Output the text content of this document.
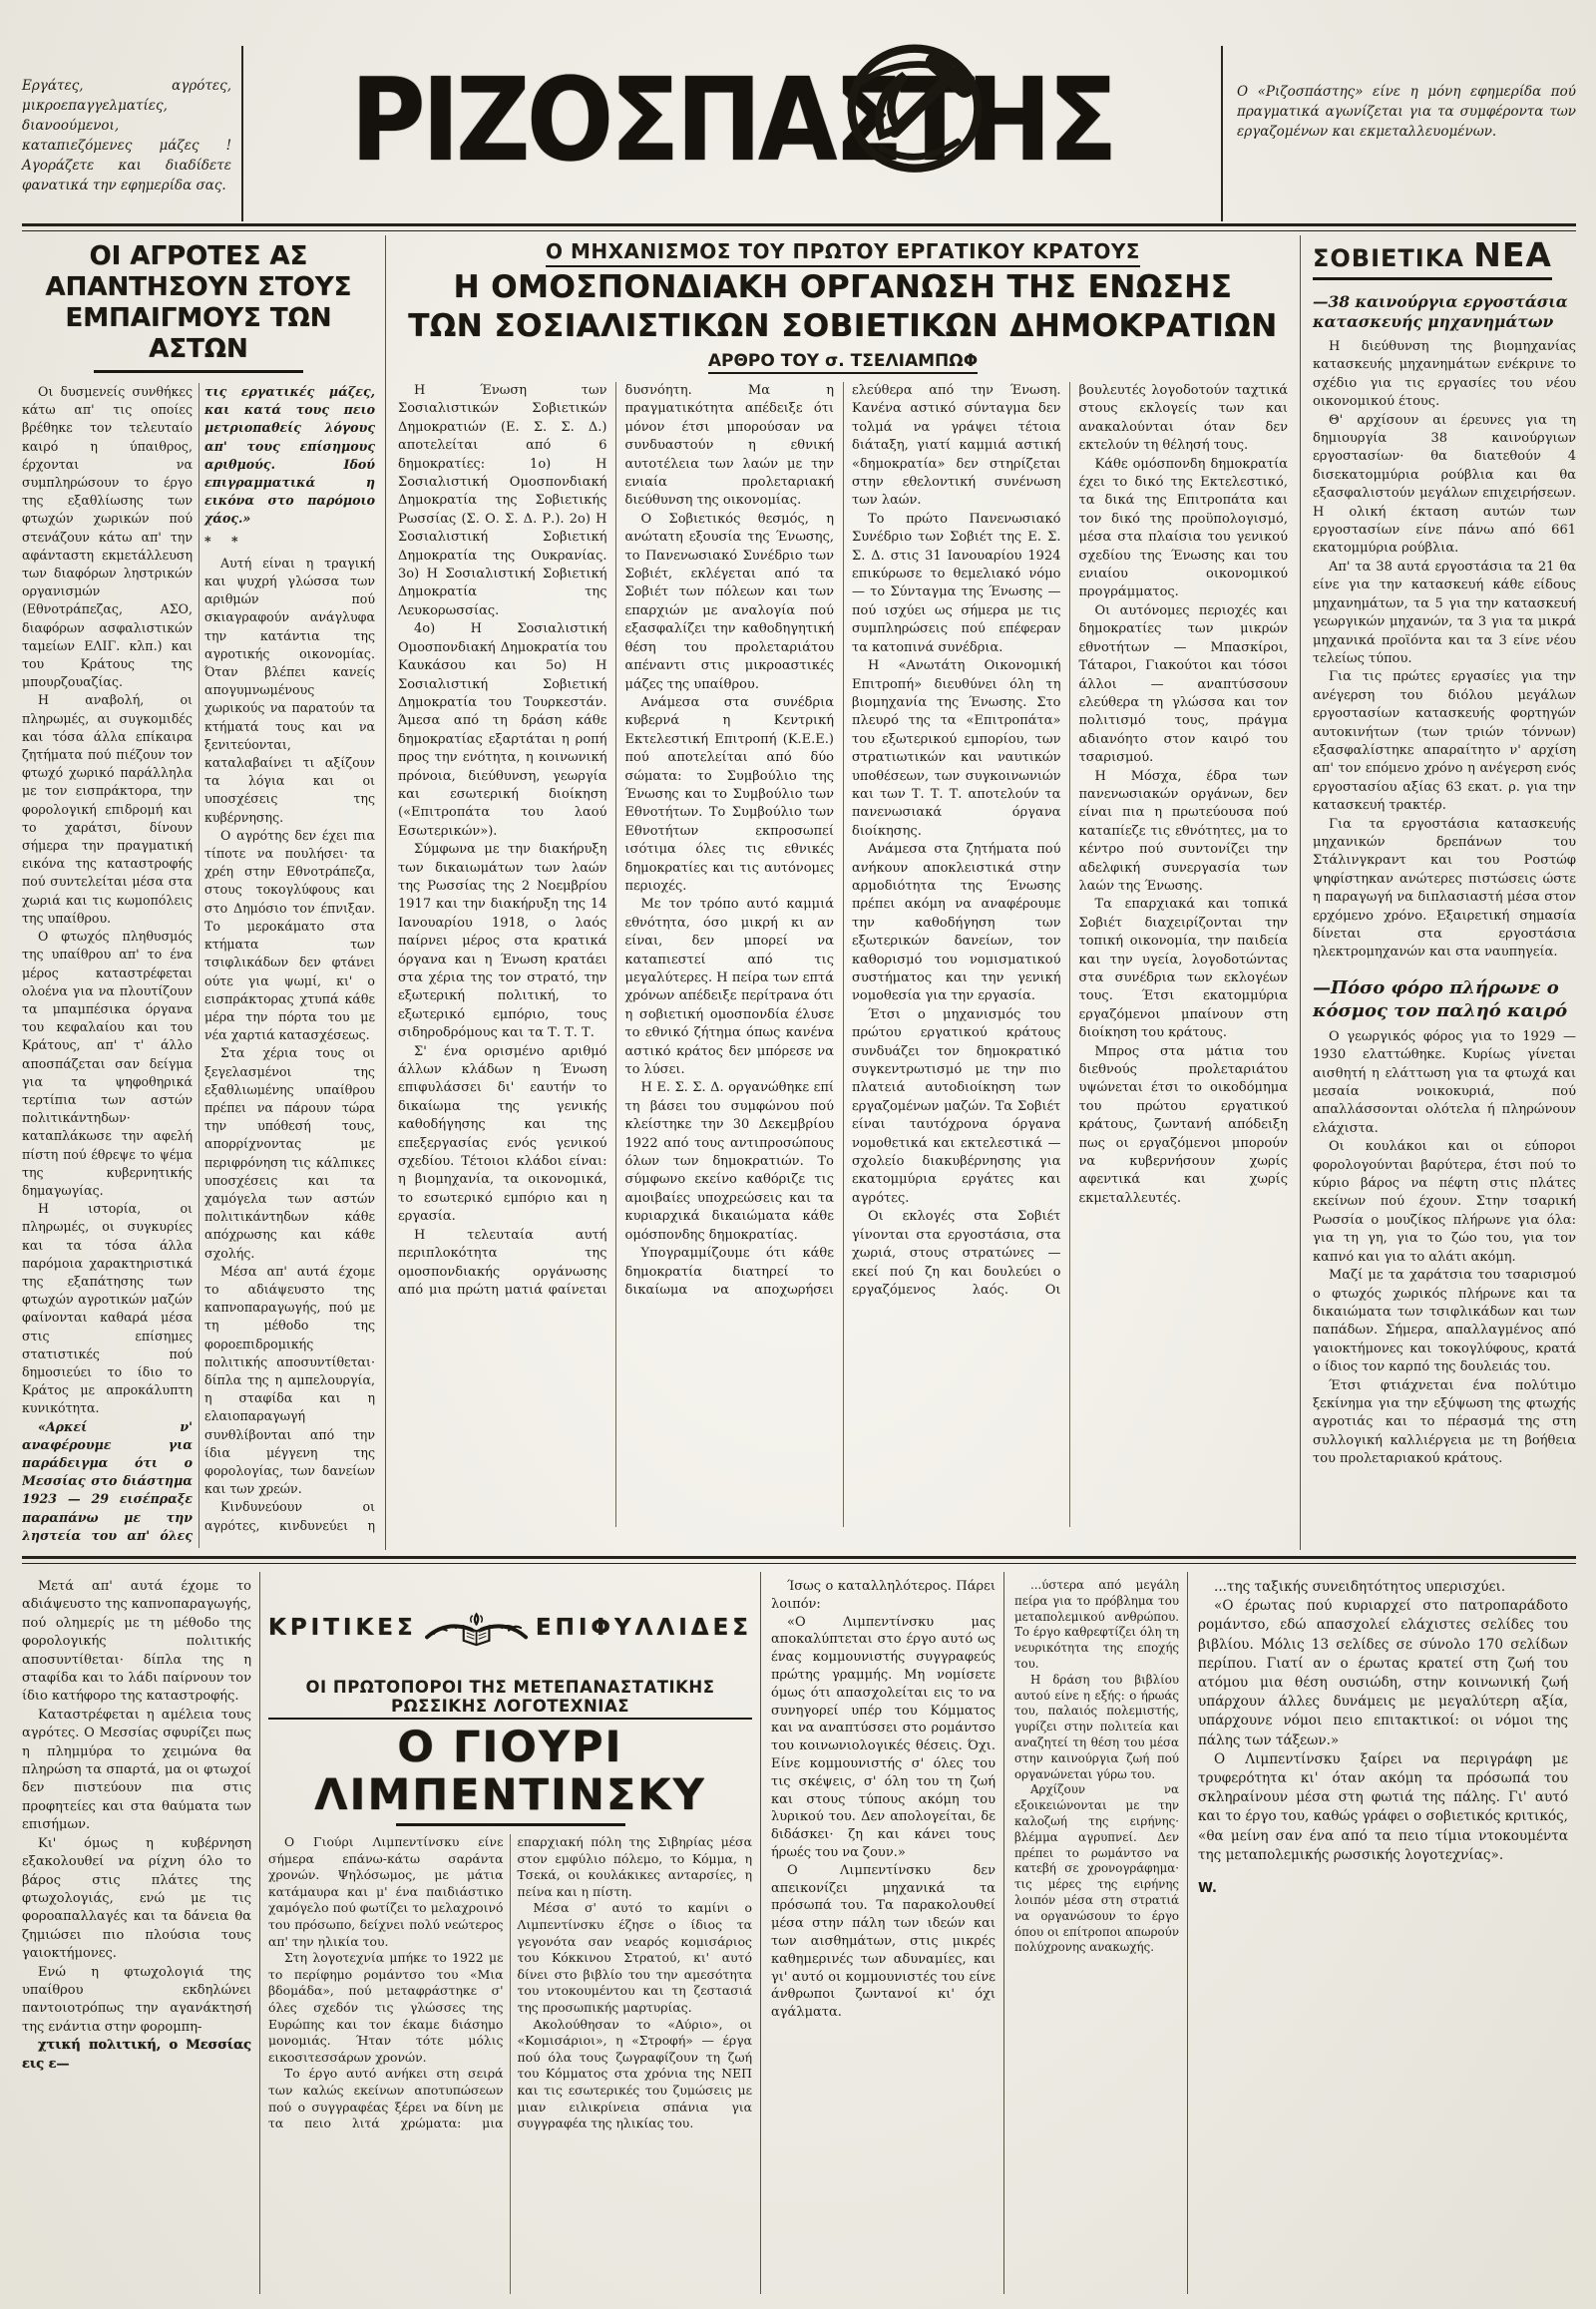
Εργάτες, αγρότες, μικροεπαγγελματίες, διανοούμενοι, καταπιεζόμενες μάζες ! Αγοράζετε και διαδίδετε φανατικά την εφημερίδα σας.	ΡΙΖΟΣΠΑΣΤΗΣ	Ο «Ριζοσπάστης» είνε η μόνη εφημερίδα πού πραγματικά αγωνίζεται για τα συμφέροντα των εργαζομένων και εκμεταλλευομένων.
ΟΙ ΑΓΡΟΤΕΣ ΑΣ ΑΠΑΝΤΗΣΟΥΝ ΣΤΟΥΣ ΕΜΠΑΙΓΜΟΥΣ ΤΩΝ ΑΣΤΩΝ

Οι δυσμενείς συνθήκες κάτω απ' τις οποίες βρέθηκε τον τελευταίο καιρό η ύπαιθρος, έρχονται να συμπληρώσουν το έργο της εξαθλίωσης των φτωχών χωρικών πού στενάζουν κάτω απ' την αφάνταστη εκμετάλλευση των διαφόρων ληστρικών οργανισμών (Εθνοτράπεζας, ΑΣΟ, διαφόρων ασφαλιστικών ταμείων ΕΛΙΓ. κλπ.) και του Κράτους της μπουρζουαζίας.

Η αναβολή, οι πληρωμές, αι συγκομιδές και τόσα άλλα επίκαιρα ζητήματα πού πιέζουν τον φτωχό χωρικό παράλληλα με τον εισπράκτορα, την φορολογική επιδρομή και το χαράτσι, δίνουν σήμερα την πραγματική εικόνα της καταστροφής πού συντελείται μέσα στα χωριά και τις κωμοπόλεις της υπαίθρου.

Ο φτωχός πληθυσμός της υπαίθρου απ' το ένα μέρος καταστρέφεται ολοένα για να πλουτίζουν τα μπαμπέσικα όργανα του κεφαλαίου και του Κράτους, απ' τ' άλλο αποσπάζεται σαν δείγμα για τα ψηφοθηρικά τερτίπια των αστών πολιτικάντηδων· καταπλάκωσε την αφελή πίστη πού έθρεψε το ψέμα της κυβερνητικής δημαγωγίας.

Η ιστορία, οι πληρωμές, οι συγκυρίες και τα τόσα άλλα παρόμοια χαρακτηριστικά της εξαπάτησης των φτωχών αγροτικών μαζών φαίνονται καθαρά μέσα στις επίσημες στατιστικές πού δημοσιεύει το ίδιο το Κράτος με απροκάλυπτη κυνικότητα.

«Αρκεί ν' αναφέρουμε για παράδειγμα ότι ο Μεσσίας στο διάστημα 1923 — 29 εισέπραξε παραπάνω με την ληστεία του απ' όλες τις εργατικές μάζες, και κατά τους πειο μετριοπαθείς λόγους απ' τους επίσημους αριθμούς. Ιδού επιγραμματικά η εικόνα στο παρόμοιο χάος.»

* *

Αυτή είναι η τραγική και ψυχρή γλώσσα των αριθμών πού σκιαγραφούν ανάγλυφα την κατάντια της αγροτικής οικονομίας. Όταν βλέπει κανείς απογυμνωμένους χωρικούς να παρατούν τα κτήματά τους και να ξενιτεύονται, καταλαβαίνει τι αξίζουν τα λόγια και οι υποσχέσεις της κυβέρνησης.

Ο αγρότης δεν έχει πια τίποτε να πουλήσει· τα χρέη στην Εθνοτράπεζα, στους τοκογλύφους και στο Δημόσιο τον έπνιξαν. Το μεροκάματο στα κτήματα των τσιφλικάδων δεν φτάνει ούτε για ψωμί, κι' ο εισπράκτορας χτυπά κάθε μέρα την πόρτα του με νέα χαρτιά κατασχέσεως.

Στα χέρια τους οι ξεγελασμένοι της εξαθλιωμένης υπαίθρου πρέπει να πάρουν τώρα την υπόθεσή τους, απορρίχνοντας με περιφρόνηση τις κάλπικες υποσχέσεις και τα χαμόγελα των αστών πολιτικάντηδων κάθε απόχρωσης και κάθε σχολής.

Μέσα απ' αυτά έχομε το αδιάψευστο της καπνοπαραγωγής, πού με τη μέθοδο της φοροεπιδρομικής πολιτικής αποσυντίθεται· δίπλα της η αμπελουργία, η σταφίδα και η ελαιοπαραγωγή συνθλίβονται από την ίδια μέγγενη της φορολογίας, των δανείων και των χρεών.

Κινδυνεύουν οι αγρότες, κινδυνεύει η

Ο ΜΗΧΑΝΙΣΜΟΣ ΤΟΥ ΠΡΩΤΟΥ ΕΡΓΑΤΙΚΟΥ ΚΡΑΤΟΥΣ
Η ΟΜΟΣΠΟΝΔΙΑΚΗ ΟΡΓΑΝΩΣΗ ΤΗΣ ΕΝΩΣΗΣ
ΤΩΝ ΣΟΣΙΑΛΙΣΤΙΚΩΝ ΣΟΒΙΕΤΙΚΩΝ ΔΗΜΟΚΡΑΤΙΩΝ
ΑΡΘΡΟ ΤΟΥ σ. ΤΣΕΛΙΑΜΠΩΦ

Η Ένωση των Σοσιαλιστικών Σοβιετικών Δημοκρατιών (Ε. Σ. Σ. Δ.) αποτελείται από 6 δημοκρατίες: 1ο) Η Σοσιαλιστική Ομοσπονδιακή Δημοκρατία της Σοβιετικής Ρωσσίας (Σ. Ο. Σ. Δ. Ρ.). 2ο) Η Σοσιαλιστική Σοβιετική Δημοκρατία της Ουκρανίας. 3ο) Η Σοσιαλιστική Σοβιετική Δημοκρατία της Λευκορωσσίας.

4ο) Η Σοσιαλιστική Ομοσπονδιακή Δημοκρατία του Καυκάσου και 5ο) Η Σοσιαλιστική Σοβιετική Δημοκρατία του Τουρκεστάν. Άμεσα από τη δράση κάθε δημοκρατίας εξαρτάται η ροπή προς την ενότητα, η κοινωνική πρόνοια, διεύθυνση, γεωργία και εσωτερική διοίκηση («Επιτροπάτα του λαού Εσωτερικών»).

Σύμφωνα με την διακήρυξη των δικαιωμάτων των λαών της Ρωσσίας της 2 Νοεμβρίου 1917 και την διακήρυξη της 14 Ιανουαρίου 1918, ο λαός παίρνει μέρος στα κρατικά όργανα και η Ένωση κρατάει στα χέρια της τον στρατό, την εξωτερική πολιτική, το εξωτερικό εμπόριο, τους σιδηροδρόμους και τα Τ. Τ. Τ.

Σ' ένα ορισμένο αριθμό άλλων κλάδων η Ένωση επιφυλάσσει δι' εαυτήν το δικαίωμα της γενικής καθοδήγησης και της επεξεργασίας ενός γενικού σχεδίου. Τέτοιοι κλάδοι είναι: η βιομηχανία, τα οικονομικά, το εσωτερικό εμπόριο και η εργασία.

Η τελευταία αυτή περιπλοκότητα της ομοσπονδιακής οργάνωσης από μια πρώτη ματιά φαίνεται δυσνόητη. Μα η πραγματικότητα απέδειξε ότι μόνον έτσι μπορούσαν να συνδυαστούν η εθνική αυτοτέλεια των λαών με την ενιαία προλεταριακή διεύθυνση της οικονομίας.

Ο Σοβιετικός θεσμός, η ανώτατη εξουσία της Ένωσης, το Πανενωσιακό Συνέδριο των Σοβιέτ, εκλέγεται από τα Σοβιέτ των πόλεων και των επαρχιών με αναλογία πού εξασφαλίζει την καθοδηγητική θέση του προλεταριάτου απέναντι στις μικροαστικές μάζες της υπαίθρου.

Ανάμεσα στα συνέδρια κυβερνά η Κεντρική Εκτελεστική Επιτροπή (Κ.Ε.Ε.) πού αποτελείται από δύο σώματα: το Συμβούλιο της Ένωσης και το Συμβούλιο των Εθνοτήτων. Το Συμβούλιο των Εθνοτήτων εκπροσωπεί ισότιμα όλες τις εθνικές δημοκρατίες και τις αυτόνομες περιοχές.

Με τον τρόπο αυτό καμμιά εθνότητα, όσο μικρή κι αν είναι, δεν μπορεί να καταπιεστεί από τις μεγαλύτερες. Η πείρα των επτά χρόνων απέδειξε περίτρανα ότι η σοβιετική ομοσπονδία έλυσε το εθνικό ζήτημα όπως κανένα αστικό κράτος δεν μπόρεσε να το λύσει.

Η Ε. Σ. Σ. Δ. οργανώθηκε επί τη βάσει του συμφώνου πού κλείστηκε την 30 Δεκεμβρίου 1922 από τους αντιπροσώπους όλων των δημοκρατιών. Το σύμφωνο εκείνο καθόριζε τις αμοιβαίες υποχρεώσεις και τα κυριαρχικά δικαιώματα κάθε ομόσπονδης δημοκρατίας.

Υπογραμμίζουμε ότι κάθε δημοκρατία διατηρεί το δικαίωμα να αποχωρήσει ελεύθερα από την Ένωση. Κανένα αστικό σύνταγμα δεν τολμά να γράψει τέτοια διάταξη, γιατί καμμιά αστική «δημοκρατία» δεν στηρίζεται στην εθελοντική συνένωση των λαών.

Το πρώτο Πανενωσιακό Συνέδριο των Σοβιέτ της Ε. Σ. Σ. Δ. στις 31 Ιανουαρίου 1924 επικύρωσε το θεμελιακό νόμο — το Σύνταγμα της Ένωσης — πού ισχύει ως σήμερα με τις συμπληρώσεις πού επέφεραν τα κατοπινά συνέδρια.

Η «Ανωτάτη Οικονομική Επιτροπή» διευθύνει όλη τη βιομηχανία της Ένωσης. Στο πλευρό της τα «Επιτροπάτα» του εξωτερικού εμπορίου, των στρατιωτικών και ναυτικών υποθέσεων, των συγκοινωνιών και των Τ. Τ. Τ. αποτελούν τα πανενωσιακά όργανα διοίκησης.

Ανάμεσα στα ζητήματα πού ανήκουν αποκλειστικά στην αρμοδιότητα της Ένωσης πρέπει ακόμη να αναφέρουμε την καθοδήγηση των εξωτερικών δανείων, τον καθορισμό του νομισματικού συστήματος και την γενική νομοθεσία για την εργασία.

Έτσι ο μηχανισμός του πρώτου εργατικού κράτους συνδυάζει τον δημοκρατικό συγκεντρωτισμό με την πιο πλατειά αυτοδιοίκηση των εργαζομένων μαζών. Τα Σοβιέτ είναι ταυτόχρονα όργανα νομοθετικά και εκτελεστικά — σχολείο διακυβέρνησης για εκατομμύρια εργάτες και αγρότες.

Οι εκλογές στα Σοβιέτ γίνονται στα εργοστάσια, στα χωριά, στους στρατώνες — εκεί πού ζη και δουλεύει ο εργαζόμενος λαός. Οι βουλευτές λογοδοτούν ταχτικά στους εκλογείς των και ανακαλούνται όταν δεν εκτελούν τη θέλησή τους.

Κάθε ομόσπονδη δημοκρατία έχει το δικό της Εκτελεστικό, τα δικά της Επιτροπάτα και τον δικό της προϋπολογισμό, μέσα στα πλαίσια του γενικού σχεδίου της Ένωσης και του ενιαίου οικονομικού προγράμματος.

Οι αυτόνομες περιοχές και δημοκρατίες των μικρών εθνοτήτων — Μπασκίροι, Τάταροι, Γιακούτοι και τόσοι άλλοι — αναπτύσσουν ελεύθερα τη γλώσσα και τον πολιτισμό τους, πράγμα αδιανόητο στον καιρό του τσαρισμού.

Η Μόσχα, έδρα των πανενωσιακών οργάνων, δεν είναι πια η πρωτεύουσα πού καταπίεζε τις εθνότητες, μα το κέντρο πού συντονίζει την αδελφική συνεργασία των λαών της Ένωσης.

Τα επαρχιακά και τοπικά Σοβιέτ διαχειρίζονται την τοπική οικονομία, την παιδεία και την υγεία, λογοδοτώντας στα συνέδρια των εκλογέων τους. Έτσι εκατομμύρια εργαζόμενοι μπαίνουν στη διοίκηση του κράτους.

Μπρος στα μάτια του διεθνούς προλεταριάτου υψώνεται έτσι το οικοδόμημα του πρώτου εργατικού κράτους, ζωντανή απόδειξη πως οι εργαζόμενοι μπορούν να κυβερνήσουν χωρίς αφεντικά και χωρίς εκμεταλλευτές.

ΣΟΒΙΕΤΙΚΑ ΝΕΑ
—38 καινούργια εργοστάσια κατασκευής μηχανημάτων

Η διεύθυνση της βιομηχανίας κατασκευής μηχανημάτων ενέκρινε το σχέδιο για τις εργασίες του νέου οικονομικού έτους.

Θ' αρχίσουν αι έρευνες για τη δημιουργία 38 καινούργιων εργοστασίων· θα διατεθούν 4 δισεκατομμύρια ρούβλια και θα εξασφαλιστούν μεγάλων επιχειρήσεων. Η ολική έκταση αυτών των εργοστασίων είνε πάνω από 661 εκατομμύρια ρούβλια.

Απ' τα 38 αυτά εργοστάσια τα 21 θα είνε για την κατασκευή κάθε είδους μηχανημάτων, τα 5 για την κατασκευή γεωργικών μηχανών, τα 3 για τα μικρά μηχανικά προϊόντα και τα 3 είνε νέου τελείως τύπου.

Για τις πρώτες εργασίες για την ανέγερση του διόλου μεγάλων εργοστασίων κατασκευής φορτηγών αυτοκινήτων (των τριών τόννων) εξασφαλίστηκε απαραίτητο ν' αρχίση απ' τον επόμενο χρόνο η ανέγερση ενός εργοστασίου αξίας 63 εκατ. ρ. για την κατασκευή τρακτέρ.

Για τα εργοστάσια κατασκευής μηχανικών δρεπάνων του Στάλινγκραντ και του Ροστώφ ψηφίστηκαν ανώτερες πιστώσεις ώστε η παραγωγή να διπλασιαστή μέσα στον ερχόμενο χρόνο. Εξαιρετική σημασία δίνεται στα εργοστάσια ηλεκτρομηχανών και στα ναυπηγεία.

—Πόσο φόρο πλήρωνε ο κόσμος τον παληό καιρό

Ο γεωργικός φόρος για το 1929 — 1930 ελαττώθηκε. Κυρίως γίνεται αισθητή η ελάττωση για τα φτωχά και μεσαία νοικοκυριά, πού απαλλάσσονται ολότελα ή πληρώνουν ελάχιστα.

Οι κουλάκοι και οι εύποροι φορολογούνται βαρύτερα, έτσι πού το κύριο βάρος να πέφτη στις πλάτες εκείνων πού έχουν. Στην τσαρική Ρωσσία ο μουζίκος πλήρωνε για όλα: για τη γη, για το ζώο του, για τον καπνό και για το αλάτι ακόμη.

Μαζί με τα χαράτσια του τσαρισμού ο φτωχός χωρικός πλήρωνε και τα δικαιώματα των τσιφλικάδων και των παπάδων. Σήμερα, απαλλαγμένος από γαιοκτήμονες και τοκογλύφους, κρατά ο ίδιος τον καρπό της δουλειάς του.

Έτσι φτιάχνεται ένα πολύτιμο ξεκίνημα για την εξύψωση της φτωχής αγροτιάς και το πέρασμά της στη συλλογική καλλιέργεια με τη βοήθεια του προλεταριακού κράτους.

Μετά απ' αυτά έχομε το αδιάψευστο της καπνοπαραγωγής, πού ολημερίς με τη μέθοδο της φορολογικής πολιτικής αποσυντίθεται· δίπλα της η σταφίδα και το λάδι παίρνουν τον ίδιο κατήφορο της καταστροφής.

Καταστρέφεται η αμέλεια τους αγρότες. Ο Μεσσίας σφυρίζει πως η πλημμύρα το χειμώνα θα πληρώση τα σπαρτά, μα οι φτωχοί δεν πιστεύουν πια στις προφητείες και στα θαύματα των επισήμων.

Κι' όμως η κυβέρνηση εξακολουθεί να ρίχνη όλο το βάρος στις πλάτες της φτωχολογιάς, ενώ με τις φοροαπαλλαγές και τα δάνεια θα ζημιώσει πιο πλούσια τους γαιοκτήμονες.

Ενώ η φτωχολογιά της υπαίθρου εκδηλώνει παντοιοτρόπως την αγανάκτησή της ενάντια στην φορομπη-

χτική πολιτική, ο Μεσσίας εις ε—

ΚΡΙΤΙΚΕΣ	ΕΠΙΦΥΛΛΙΔΕΣ
ΟΙ ΠΡΩΤΟΠΟΡΟΙ ΤΗΣ ΜΕΤΕΠΑΝΑΣΤΑΤΙΚΗΣ ΡΩΣΣΙΚΗΣ ΛΟΓΟΤΕΧΝΙΑΣ
Ο ΓΙΟΥΡΙ ΛΙΜΠΕΝΤΙΝΣΚΥ

Ο Γιούρι Λιμπεντίνσκυ είνε σήμερα επάνω-κάτω σαράντα χρονών. Ψηλόσωμος, με μάτια κατάμαυρα και μ' ένα παιδιάστικο χαμόγελο πού φωτίζει το μελαχροινό του πρόσωπο, δείχνει πολύ νεώτερος απ' την ηλικία του.

Στη λογοτεχνία μπήκε το 1922 με το περίφημο ρομάντσο του «Μια βδομάδα», πού μεταφράστηκε σ' όλες σχεδόν τις γλώσσες της Ευρώπης και τον έκαμε διάσημο μονομιάς. Ήταν τότε μόλις εικοσιτεσσάρων χρονών.

Το έργο αυτό ανήκει στη σειρά των καλώς εκείνων αποτυπώσεων πού ο συγγραφέας ξέρει να δίνη με τα πειο λιτά χρώματα: μια επαρχιακή πόλη της Σιβηρίας μέσα στον εμφύλιο πόλεμο, το Κόμμα, η Τσεκά, οι κουλάκικες ανταρσίες, η πείνα και η πίστη.

Μέσα σ' αυτό το καμίνι ο Λιμπεντίνσκυ έζησε ο ίδιος τα γεγονότα σαν νεαρός κομισάριος του Κόκκινου Στρατού, κι' αυτό δίνει στο βιβλίο του την αμεσότητα του ντοκουμέντου και τη ζεστασιά της προσωπικής μαρτυρίας.

Ακολούθησαν το «Αύριο», οι «Κομισάριοι», η «Στροφή» — έργα πού όλα τους ζωγραφίζουν τη ζωή του Κόμματος στα χρόνια της ΝΕΠ και τις εσωτερικές του ζυμώσεις με μιαν ειλικρίνεια σπάνια για συγγραφέα της ηλικίας του.

Ίσως ο καταλληλότερος. Πάρει λοιπόν:

«Ο Λιμπεντίνσκυ μας αποκαλύπτεται στο έργο αυτό ως ένας κομμουνιστής συγγραφεύς πρώτης γραμμής. Μη νομίσετε όμως ότι απασχολείται εις το να συνηγορεί υπέρ του Κόμματος και να αναπτύσσει στο ρομάντσο του κοινωνιολογικές θέσεις. Όχι. Είνε κομμουνιστής σ' όλες του τις σκέψεις, σ' όλη του τη ζωή και στους τύπους ακόμη του λυρικού του. Δεν απολογείται, δε διδάσκει· ζη και κάνει τους ήρωές του να ζουν.»

Ο Λιμπεντίνσκυ δεν απεικονίζει μηχανικά τα πρόσωπά του. Τα παρακολουθεί μέσα στην πάλη των ιδεών και των αισθημάτων, στις μικρές καθημερινές των αδυναμίες, και γι' αυτό οι κομμουνιστές του είνε άνθρωποι ζωντανοί κι' όχι αγάλματα.

...ύστερα από μεγάλη πείρα για το πρόβλημα του μεταπολεμικού ανθρώπου. Το έργο καθρεφτίζει όλη τη νευρικότητα της εποχής του.

Η δράση του βιβλίου αυτού είνε η εξής: ο ήρωάς του, παλαιός πολεμιστής, γυρίζει στην πολιτεία και αναζητεί τη θέση του μέσα στην καινούργια ζωή πού οργανώνεται γύρω του.

Αρχίζουν να εξοικειώνονται με την καλοζωή της ειρήνης· βλέμμα αγρυπνεί. Δεν πρέπει το ρωμάντσο να κατεβή σε χρονογράφημα· τις μέρες της ειρήνης λοιπόν μέσα στη στρατιά να οργανώσουν το έργο όπου οι επίτροποι απωρούν πολύχρονης ανακωχής.

...της ταξικής συνειδητότητος υπερισχύει.

«Ο έρωτας πού κυριαρχεί στο πατροπαράδοτο ρομάντσο, εδώ απασχολεί ελάχιστες σελίδες του βιβλίου. Μόλις 13 σελίδες σε σύνολο 170 σελίδων περίπου. Γιατί αν ο έρωτας κρατεί στη ζωή του ατόμου μια θέση ουσιώδη, στην κοινωνική ζωή υπάρχουν άλλες δυνάμεις με μεγαλύτερη αξία, υπάρχουνε νόμοι πειο επιτακτικοί: οι νόμοι της πάλης των τάξεων.»

Ο Λιμπεντίνσκυ ξαίρει να περιγράφη με τρυφερότητα κι' όταν ακόμη τα πρόσωπά του σκληραίνουν μέσα στη φωτιά της πάλης. Γι' αυτό και το έργο του, καθώς γράφει ο σοβιετικός κριτικός, «θα μείνη σαν ένα από τα πειο τίμια ντοκουμέντα της μεταπολεμικής ρωσσικής λογοτεχνίας».

W.
